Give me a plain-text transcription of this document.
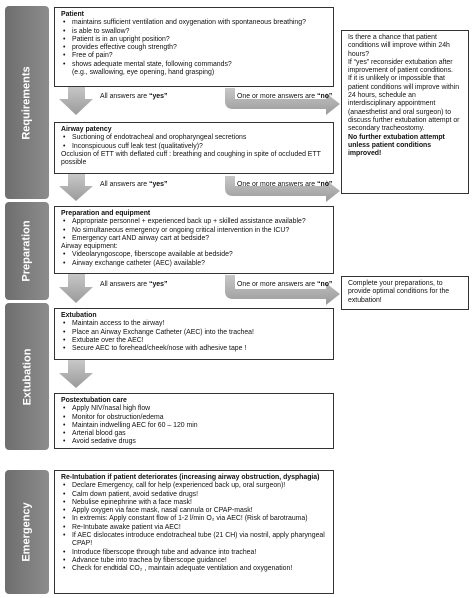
Requirements
Preparation
Extubation
Emergency
Patient
• maintains sufficient ventilation and oxygenation with spontaneous breathing?
• is able to swallow?
• Patient is in an upright position?
• provides effective cough strength?
• Free of pain?
• shows adequate mental state, following commands?
(e.g., swallowing, eye opening, hand grasping)
Airway patency
• Suctioning of endotracheal and oropharyngeal secretions
• Inconspicuous cuff leak test (qualitatively)?
Occlusion of ETT with deflated cuff : breathing and coughing in spite of occluded ETT possible
Preparation and equipment
• Appropriate personnel + experienced back up + skilled assistance available?
• No simultaneous emergency or ongoing critical intervention in the ICU?
• Emergency cart AND airway cart at bedside?
Airway equipment:
• Videolaryngoscope, fiberscope available at bedside?
• Airway exchange catheter (AEC) available?
Extubation
• Maintain access to the airway!
• Place an Airway Exchange Catheter (AEC) into the trachea!
• Extubate over the AEC!
• Secure AEC to forehead/cheek/nose with adhesive tape !
Postextubation care
• Apply NIV/nasal high flow
• Monitor for obstruction/edema
• Maintain indwelling AEC for 60 – 120 min
• Arterial blood gas
• Avoid sedative drugs
Re-Intubation if patient deteriorates (increasing airway obstruction, dysphagia)
• Declare Emergency, call for help (experienced back up, oral surgeon)!
• Calm down patient, avoid sedative drugs!
• Nebulise epinephrine with a face mask!
• Apply oxygen via face mask, nasal cannula or CPAP-mask!
• In extremis: Apply constant flow of 1-2 l/min O₂ via AEC! (Risk of barotrauma)
• Re-Intubate awake patient via AEC!
• If AEC dislocates introduce endotracheal tube (21 CH) via nostril, apply pharyngeal CPAP!
• Introduce fiberscope through tube and advance into trachea!
• Advance tube into trachea by fiberscope guidance!
• Check for endtidal CO₂ , maintain adequate ventilation and oxygenation!
Is there a chance that patient conditions will improve within 24h hours?
If “yes” reconsider extubation after improvement of patient conditions.
If it is unlikely or impossible that patient conditions will improve within 24 hours, schedule an interdisciplinary appointment (anaesthetist and oral surgeon) to discuss further extubation attempt or secondary tracheostomy.
No further extubation attempt unless patient conditions improved!
Complete your preparations, to provide optimal conditions for the extubation!
All answers are “yes”	One or more answers are “no”
All answers are “yes”	One or more answers are “no”
All answers are “yes”	One or more answers are “no”
